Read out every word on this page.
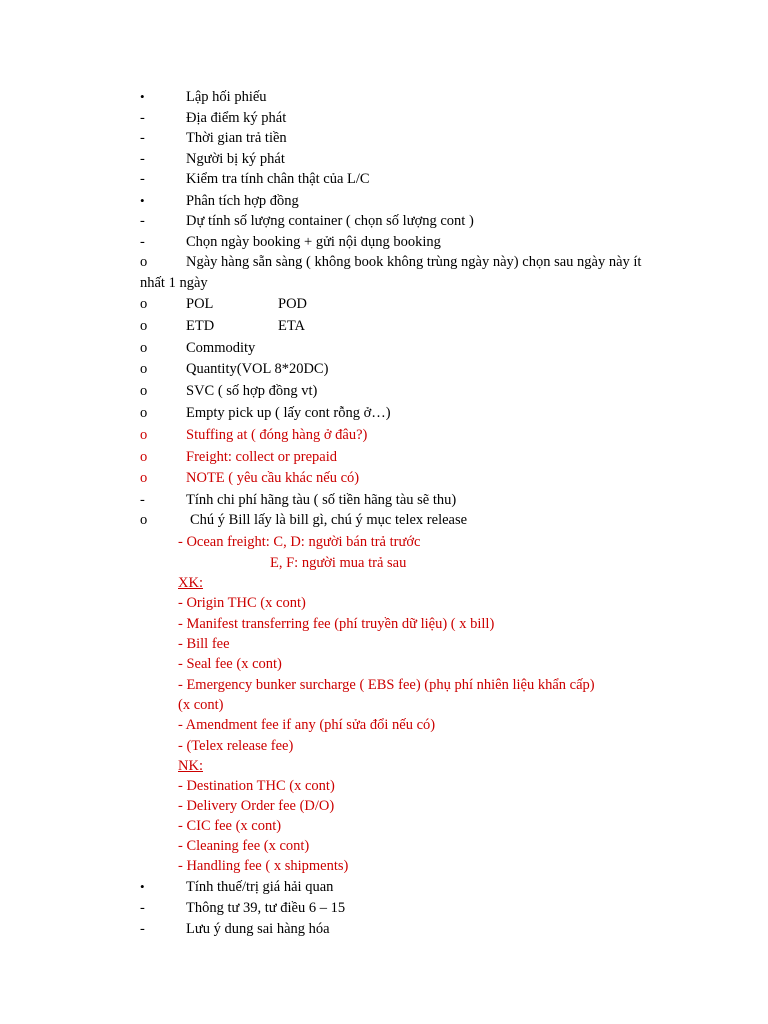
•	Lập hối phiếu
-	Địa điểm ký phát
-	Thời gian trả tiền
-	Người bị ký phát
-	Kiểm tra tính chân thật của L/C
•	Phân tích hợp đồng
-	Dự tính số lượng container ( chọn số lượng cont )
-	Chọn ngày booking + gửi nội dụng booking
o	Ngày hàng sẵn sàng ( không book không trùng ngày này) chọn sau ngày này ít
nhất 1 ngày
o	POL	POD
o	ETD	ETA
o	Commodity
o	Quantity(VOL 8*20DC)
o	SVC ( số hợp đồng vt)
o	Empty pick up ( lấy cont rỗng ở…)
o	Stuffing at ( đóng hàng ở đâu?)
o	Freight: collect or prepaid
o	NOTE ( yêu cầu khác nếu có)
-	Tính chi phí hãng tàu ( số tiền hãng tàu sẽ thu)
o	Chú ý Bill lấy là bill gì, chú ý mục telex release
- Ocean freight: C, D: người bán trả trước
E, F: người mua trả sau
XK:
- Origin THC (x cont)
- Manifest transferring fee (phí truyền dữ liệu) ( x bill)
- Bill fee
- Seal fee (x cont)
- Emergency bunker surcharge ( EBS fee) (phụ phí nhiên liệu khẩn cấp)
(x cont)
- Amendment fee if any (phí sửa đổi nếu có)
- (Telex release fee)
NK:
- Destination THC (x cont)
- Delivery Order fee (D/O)
- CIC fee (x cont)
- Cleaning fee (x cont)
- Handling fee ( x shipments)
•	Tính thuế/trị giá hải quan
-	Thông tư 39, tư điều 6 – 15
-	Lưu ý dung sai hàng hóa
